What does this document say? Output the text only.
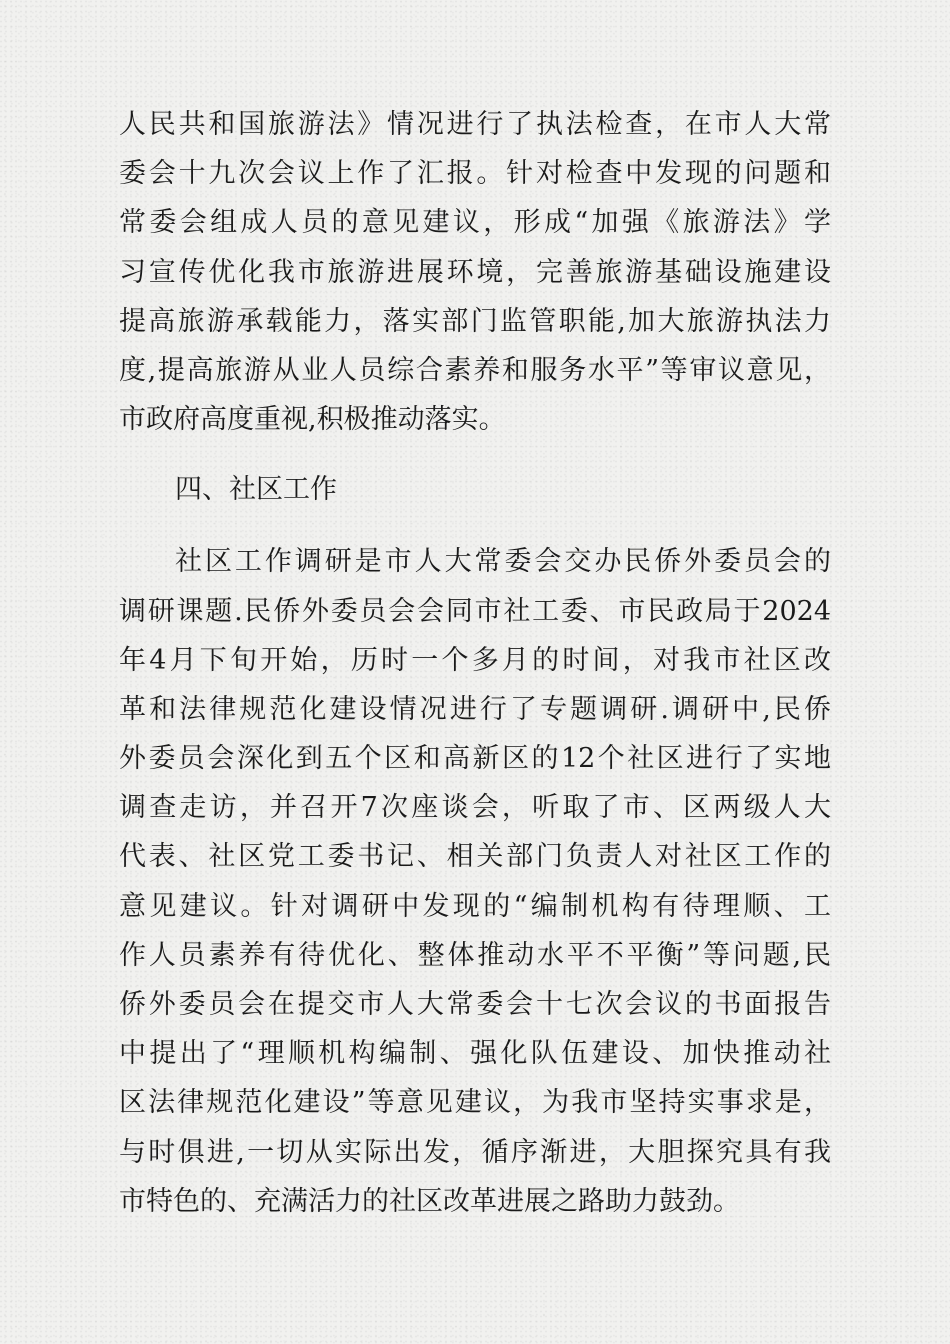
人民共和国旅游法》情况进行了执法检查，在市人大常
委会十九次会议上作了汇报。针对检查中发现的问题和
常委会组成人员的意见建议，形成“加强《旅游法》学
习宣传优化我市旅游进展环境，完善旅游基础设施建设
提高旅游承载能力，落实部门监管职能,加大旅游执法力
度,提高旅游从业人员综合素养和服务水平”等审议意见，
市政府高度重视,积极推动落实。
四、社区工作
社区工作调研是市人大常委会交办民侨外委员会的
调研课题.民侨外委员会会同市社工委、市民政局于2024
年4月下旬开始，历时一个多月的时间，对我市社区改
革和法律规范化建设情况进行了专题调研.调研中,民侨
外委员会深化到五个区和高新区的12个社区进行了实地
调查走访，并召开7次座谈会，听取了市、区两级人大
代表、社区党工委书记、相关部门负责人对社区工作的
意见建议。针对调研中发现的“编制机构有待理顺、工
作人员素养有待优化、整体推动水平不平衡”等问题,民
侨外委员会在提交市人大常委会十七次会议的书面报告
中提出了“理顺机构编制、强化队伍建设、加快推动社
区法律规范化建设”等意见建议，为我市坚持实事求是，
与时俱进,一切从实际出发，循序渐进，大胆探究具有我
市特色的、充满活力的社区改革进展之路助力鼓劲。
